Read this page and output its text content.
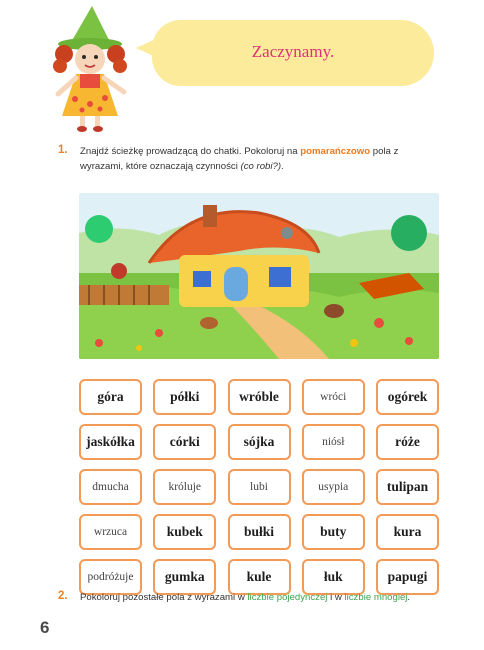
Zaczynamy.
1. Znajdź ścieżkę prowadzącą do chatki. Pokoloruj na pomarańczowo pola z wyrazami, które oznaczają czynności (co robi?).
góra	półki	wróble	wróci	ogórek
jaskółka	córki	sójka	niósł	róże
dmucha	króluje	lubi	usypia	tulipan
wrzuca	kubek	bułki	buty	kura
podróżuje	gumka	kule	łuk	papugi
2. Pokoloruj pozostałe pola z wyrazami w liczbie pojedynczej i w liczbie mnogiej.
6
